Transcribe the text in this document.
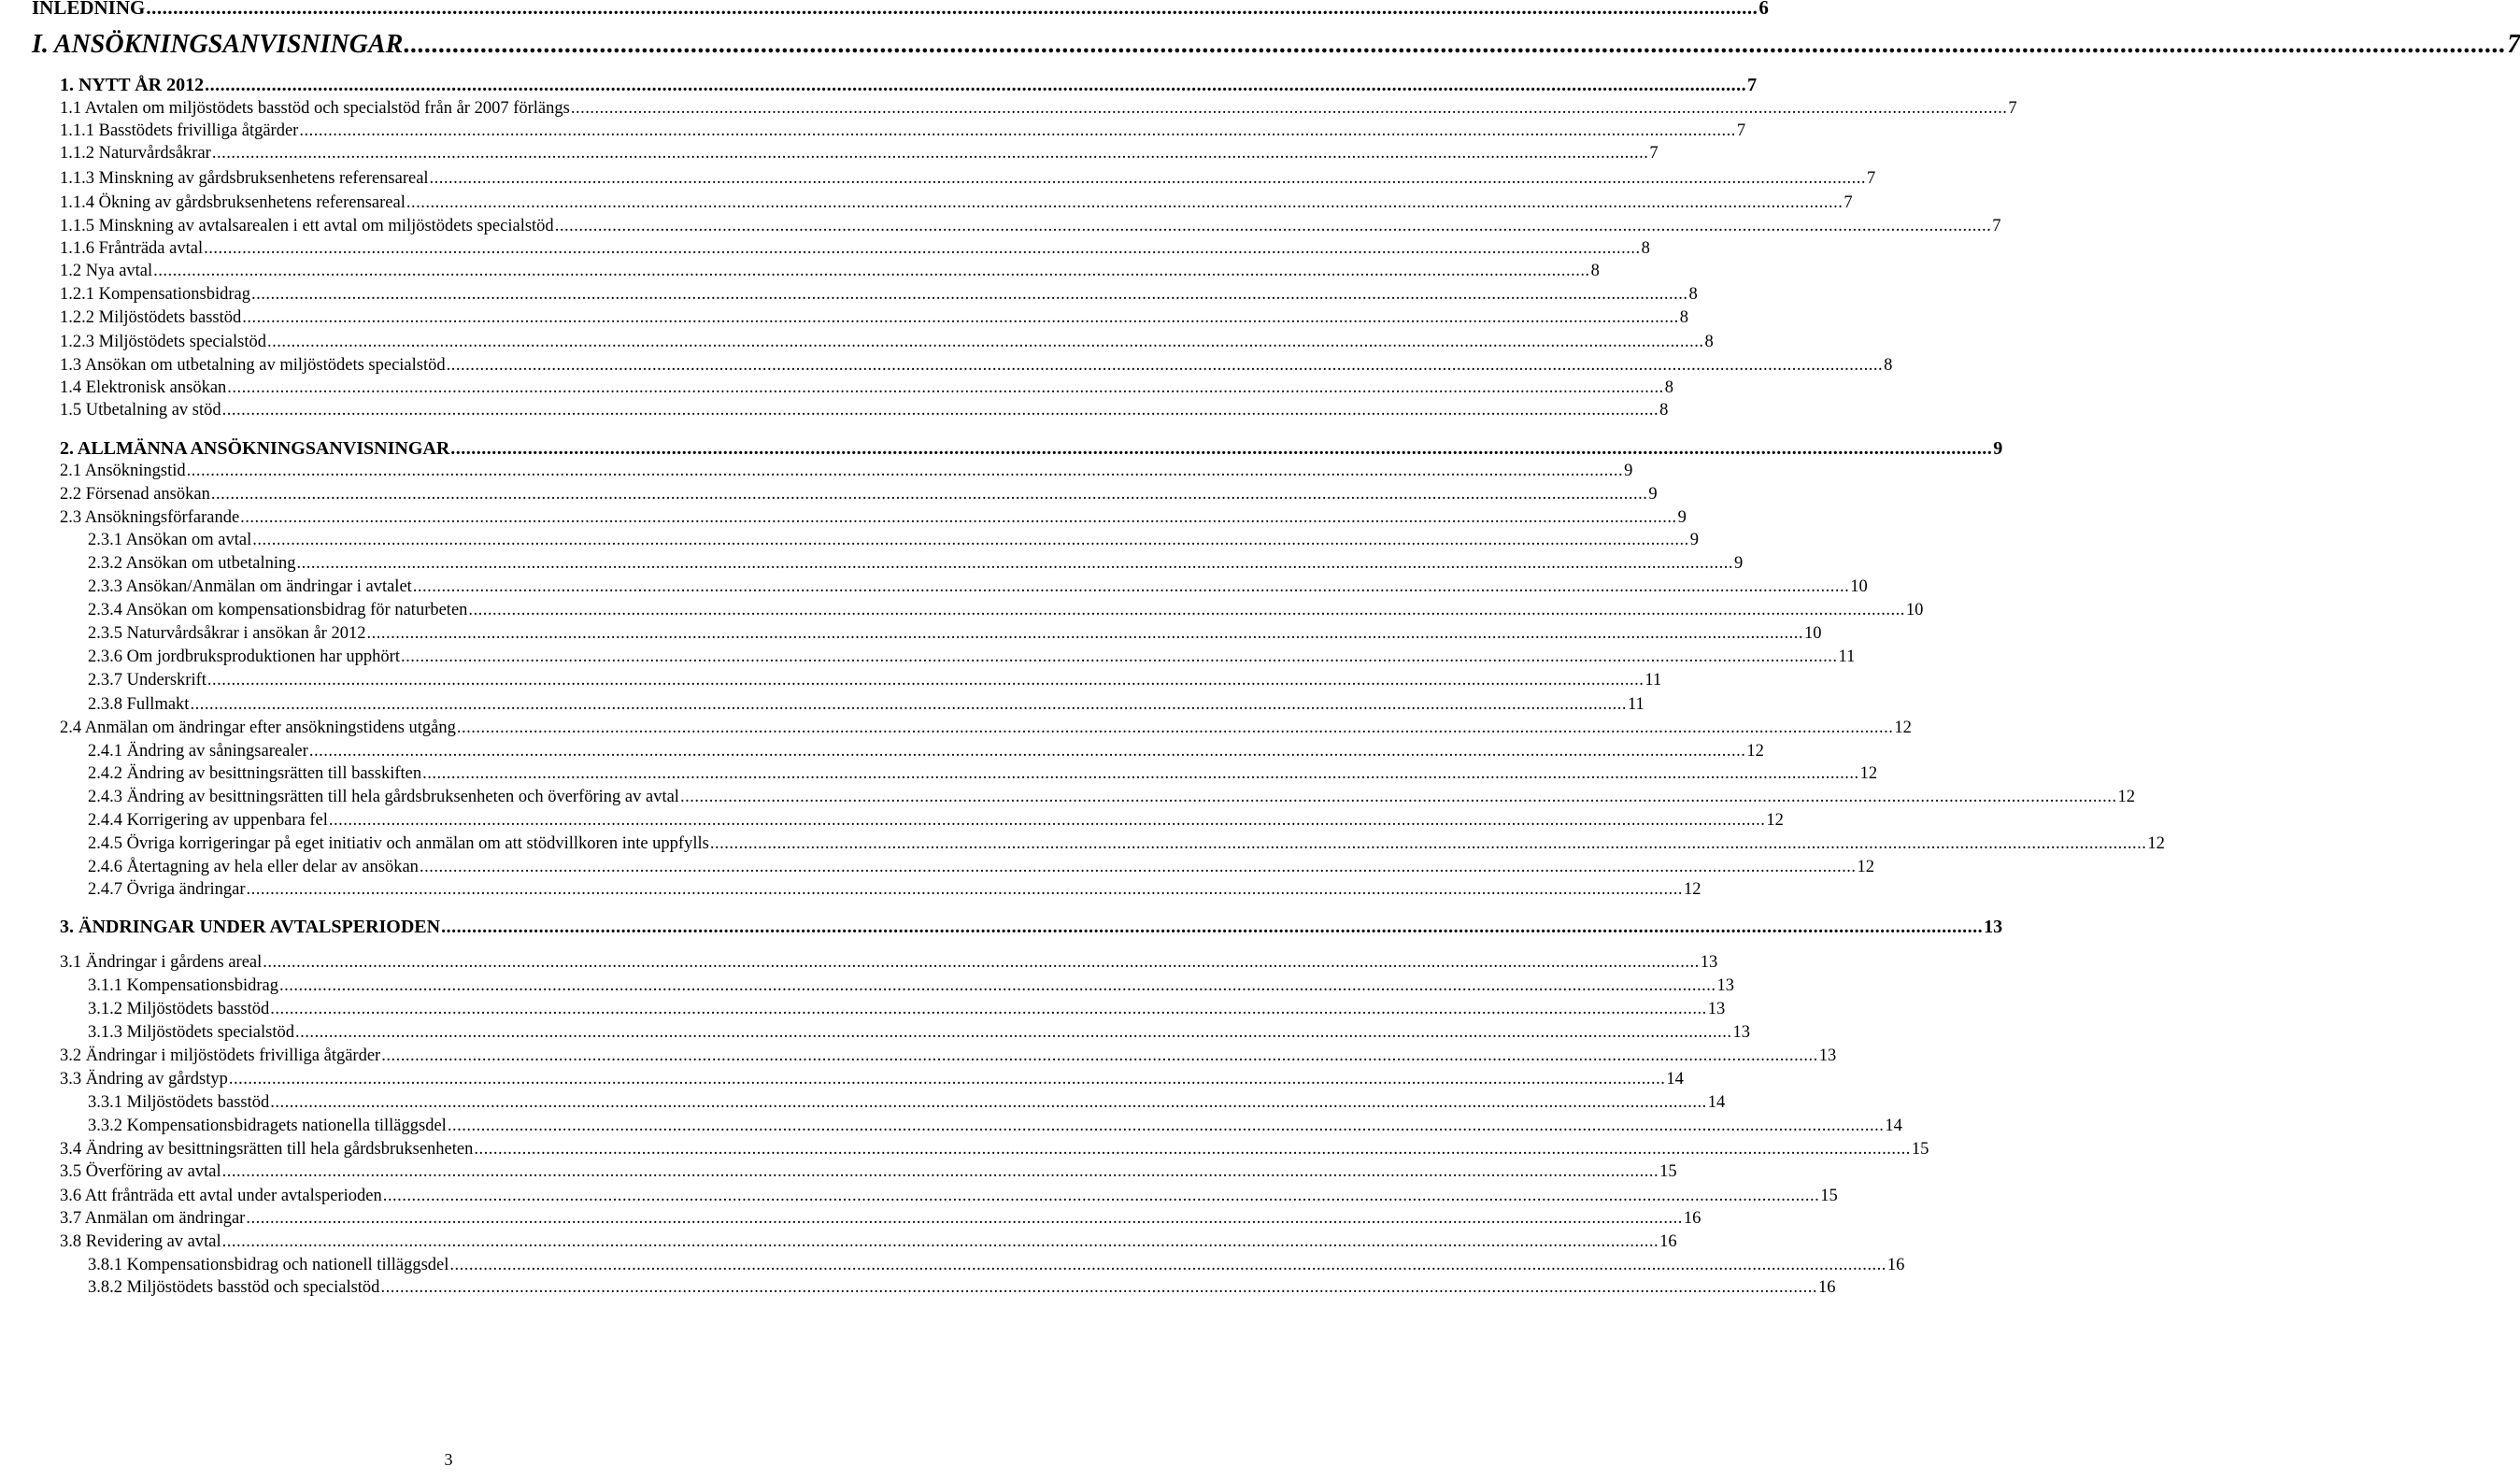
INLEDNING ............................................................................................................................................................................................................................................................................................................ 6
I. ANSÖKNINGSANVISNINGAR ............................................................................................................................................................................................................................................................................................................ 7
1. NYTT ÅR 2012 ............................................................................................................................................................................................................................................................................................................ 7
1.1 Avtalen om miljöstödets basstöd och specialstöd från år 2007 förlängs ............................................................................................................................................................................................................................................................................................................ 7
1.1.1 Basstödets frivilliga åtgärder ............................................................................................................................................................................................................................................................................................................ 7
1.1.2 Naturvårdsåkrar ............................................................................................................................................................................................................................................................................................................ 7
1.1.3 Minskning av gårdsbruksenhetens referensareal ............................................................................................................................................................................................................................................................................................................ 7
1.1.4 Ökning av gårdsbruksenhetens referensareal ............................................................................................................................................................................................................................................................................................................ 7
1.1.5 Minskning av avtalsarealen i ett avtal om miljöstödets specialstöd ............................................................................................................................................................................................................................................................................................................ 7
1.1.6 Frånträda avtal ............................................................................................................................................................................................................................................................................................................ 8
1.2 Nya avtal ............................................................................................................................................................................................................................................................................................................ 8
1.2.1 Kompensationsbidrag ............................................................................................................................................................................................................................................................................................................ 8
1.2.2 Miljöstödets basstöd ............................................................................................................................................................................................................................................................................................................ 8
1.2.3 Miljöstödets specialstöd ............................................................................................................................................................................................................................................................................................................ 8
1.3 Ansökan om utbetalning av miljöstödets specialstöd ............................................................................................................................................................................................................................................................................................................ 8
1.4 Elektronisk ansökan ............................................................................................................................................................................................................................................................................................................ 8
1.5 Utbetalning av stöd ............................................................................................................................................................................................................................................................................................................ 8
2. ALLMÄNNA ANSÖKNINGSANVISNINGAR ............................................................................................................................................................................................................................................................................................................ 9
2.1 Ansökningstid ............................................................................................................................................................................................................................................................................................................ 9
2.2 Försenad ansökan ............................................................................................................................................................................................................................................................................................................ 9
2.3 Ansökningsförfarande ............................................................................................................................................................................................................................................................................................................ 9
2.3.1 Ansökan om avtal ............................................................................................................................................................................................................................................................................................................ 9
2.3.2 Ansökan om utbetalning ............................................................................................................................................................................................................................................................................................................ 9
2.3.3 Ansökan/Anmälan om ändringar i avtalet ............................................................................................................................................................................................................................................................................................................ 10
2.3.4 Ansökan om kompensationsbidrag för naturbeten ............................................................................................................................................................................................................................................................................................................ 10
2.3.5 Naturvårdsåkrar i ansökan år 2012 ............................................................................................................................................................................................................................................................................................................ 10
2.3.6 Om jordbruksproduktionen har upphört ............................................................................................................................................................................................................................................................................................................ 11
2.3.7 Underskrift ............................................................................................................................................................................................................................................................................................................ 11
2.3.8 Fullmakt ............................................................................................................................................................................................................................................................................................................ 11
2.4 Anmälan om ändringar efter ansökningstidens utgång ............................................................................................................................................................................................................................................................................................................ 12
2.4.1 Ändring av såningsarealer ............................................................................................................................................................................................................................................................................................................ 12
2.4.2 Ändring av besittningsrätten till basskiften ............................................................................................................................................................................................................................................................................................................ 12
2.4.3 Ändring av besittningsrätten till hela gårdsbruksenheten och överföring av avtal ............................................................................................................................................................................................................................................................................................................ 12
2.4.4 Korrigering av uppenbara fel ............................................................................................................................................................................................................................................................................................................ 12
2.4.5 Övriga korrigeringar på eget initiativ och anmälan om att stödvillkoren inte uppfylls ............................................................................................................................................................................................................................................................................................................ 12
2.4.6 Återtagning av hela eller delar av ansökan ............................................................................................................................................................................................................................................................................................................ 12
2.4.7 Övriga ändringar ............................................................................................................................................................................................................................................................................................................ 12
3. ÄNDRINGAR UNDER AVTALSPERIODEN ............................................................................................................................................................................................................................................................................................................ 13
3.1 Ändringar i gårdens areal ............................................................................................................................................................................................................................................................................................................ 13
3.1.1 Kompensationsbidrag ............................................................................................................................................................................................................................................................................................................ 13
3.1.2 Miljöstödets basstöd ............................................................................................................................................................................................................................................................................................................ 13
3.1.3 Miljöstödets specialstöd ............................................................................................................................................................................................................................................................................................................ 13
3.2 Ändringar i miljöstödets frivilliga åtgärder ............................................................................................................................................................................................................................................................................................................ 13
3.3 Ändring av gårdstyp ............................................................................................................................................................................................................................................................................................................ 14
3.3.1 Miljöstödets basstöd ............................................................................................................................................................................................................................................................................................................ 14
3.3.2 Kompensationsbidragets nationella tilläggsdel ............................................................................................................................................................................................................................................................................................................ 14
3.4 Ändring av besittningsrätten till hela gårdsbruksenheten ............................................................................................................................................................................................................................................................................................................ 15
3.5 Överföring av avtal ............................................................................................................................................................................................................................................................................................................ 15
3.6 Att frånträda ett avtal under avtalsperioden ............................................................................................................................................................................................................................................................................................................ 15
3.7 Anmälan om ändringar ............................................................................................................................................................................................................................................................................................................ 16
3.8 Revidering av avtal ............................................................................................................................................................................................................................................................................................................ 16
3.8.1 Kompensationsbidrag och nationell tilläggsdel ............................................................................................................................................................................................................................................................................................................ 16
3.8.2 Miljöstödets basstöd och specialstöd ............................................................................................................................................................................................................................................................................................................ 16
3
